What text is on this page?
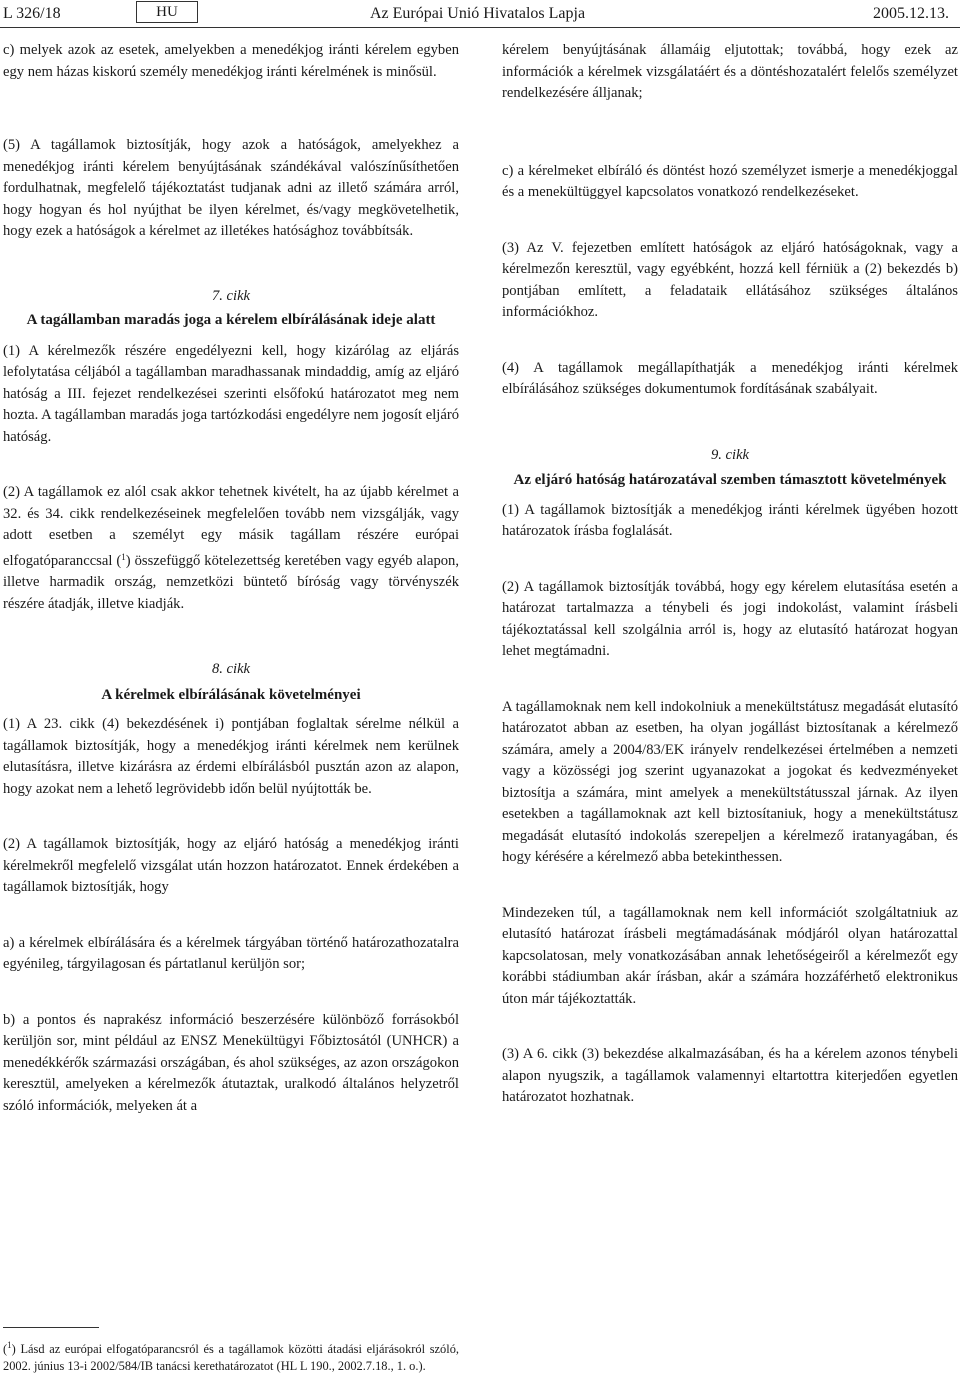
L 326/18	HU	Az Európai Unió Hivatalos Lapja	2005.12.13.

c) melyek azok az esetek, amelyekben a menedékjog iránti kérelem egyben egy nem házas kiskorú személy menedékjog iránti kérelmének is minősül.

(5) A tagállamok biztosítják, hogy azok a hatóságok, amelyekhez a menedékjog iránti kérelem benyújtásának szándékával valószínűsíthetően fordulhatnak, megfelelő tájékoztatást tudjanak adni az illető számára arról, hogy hogyan és hol nyújthat be ilyen kérelmet, és/vagy megkövetelhetik, hogy ezek a hatóságok a kérelmet az illetékes hatósághoz továbbítsák.

7. cikk

A tagállamban maradás joga a kérelem elbírálásának ideje alatt

(1) A kérelmezők részére engedélyezni kell, hogy kizárólag az eljárás lefolytatása céljából a tagállamban maradhassanak mindaddig, amíg az eljáró hatóság a III. fejezet rendelkezései szerinti elsőfokú határozatot meg nem hozta. A tagállamban maradás joga tartózkodási engedélyre nem jogosít eljáró hatóság.

(2) A tagállamok ez alól csak akkor tehetnek kivételt, ha az újabb kérelmet a 32. és 34. cikk rendelkezéseinek megfelelően tovább nem vizsgálják, vagy adott esetben a személyt egy másik tagállam részére európai elfogatóparanccsal ($^1$) összefüggő kötelezettség keretében vagy egyéb alapon, illetve harmadik ország, nemzetközi büntető bíróság vagy törvényszék részére átadják, illetve kiadják.

8. cikk

A kérelmek elbírálásának követelményei

(1) A 23. cikk (4) bekezdésének i) pontjában foglaltak sérelme nélkül a tagállamok biztosítják, hogy a menedékjog iránti kérelmek nem kerülnek elutasításra, illetve kizárásra az érdemi elbírálásból pusztán azon az alapon, hogy azokat nem a lehető legrövidebb időn belül nyújtották be.

(2) A tagállamok biztosítják, hogy az eljáró hatóság a menedékjog iránti kérelmekről megfelelő vizsgálat után hozzon határozatot. Ennek érdekében a tagállamok biztosítják, hogy

a) a kérelmek elbírálására és a kérelmek tárgyában történő határozathozatalra egyénileg, tárgyilagosan és pártatlanul kerüljön sor;

b) a pontos és naprakész információ beszerzésére különböző forrásokból kerüljön sor, mint például az ENSZ Menekültügyi Főbiztosától (UNHCR) a menedékkérők származási országában, és ahol szükséges, az azon országokon keresztül, amelyeken a kérelmezők átutaztak, uralkodó általános helyzetről szóló információk, melyeken át a

kérelem benyújtásának államáig eljutottak; továbbá, hogy ezek az információk a kérelmek vizsgálatáért és a döntéshozatalért felelős személyzet rendelkezésére álljanak;

c) a kérelmeket elbíráló és döntést hozó személyzet ismerje a menedékjoggal és a menekültüggyel kapcsolatos vonatkozó rendelkezéseket.

(3) Az V. fejezetben említett hatóságok az eljáró hatóságoknak, vagy a kérelmezőn keresztül, vagy egyébként, hozzá kell férniük a (2) bekezdés b) pontjában említett, a feladataik ellátásához szükséges általános információkhoz.

(4) A tagállamok megállapíthatják a menedékjog iránti kérelmek elbírálásához szükséges dokumentumok fordításának szabályait.

9. cikk

Az eljáró hatóság határozatával szemben támasztott követelmények

(1) A tagállamok biztosítják a menedékjog iránti kérelmek ügyében hozott határozatok írásba foglalását.

(2) A tagállamok biztosítják továbbá, hogy egy kérelem elutasítása esetén a határozat tartalmazza a ténybeli és jogi indokolást, valamint írásbeli tájékoztatással kell szolgálnia arról is, hogy az elutasító határozat hogyan lehet megtámadni.

A tagállamoknak nem kell indokolniuk a menekültstátusz megadását elutasító határozatot abban az esetben, ha olyan jogállást biztosítanak a kérelmező számára, amely a 2004/83/EK irányelv rendelkezései értelmében a nemzeti vagy a közösségi jog szerint ugyanazokat a jogokat és kedvezményeket biztosítja a számára, mint amelyek a menekültstátusszal járnak. Az ilyen esetekben a tagállamoknak azt kell biztosítaniuk, hogy a menekültstátusz megadását elutasító indokolás szerepeljen a kérelmező iratanyagában, és hogy kérésére a kérelmező abba betekinthessen.

Mindezeken túl, a tagállamoknak nem kell információt szolgáltatniuk az elutasító határozat írásbeli megtámadásának módjáról olyan határozattal kapcsolatosan, mely vonatkozásában annak lehetőségeiről a kérelmezőt egy korábbi stádiumban akár írásban, akár a számára hozzáférhető elektronikus úton már tájékoztatták.

(3) A 6. cikk (3) bekezdése alkalmazásában, és ha a kérelem azonos ténybeli alapon nyugszik, a tagállamok valamennyi eltartottra kiterjedően egyetlen határozatot hozhatnak.

($^1$) Lásd az európai elfogatóparancsról és a tagállamok közötti átadási eljárásokról szóló, 2002. június 13-i 2002/584/IB tanácsi kerethatározatot (HL L 190., 2002.7.18., 1. o.).
